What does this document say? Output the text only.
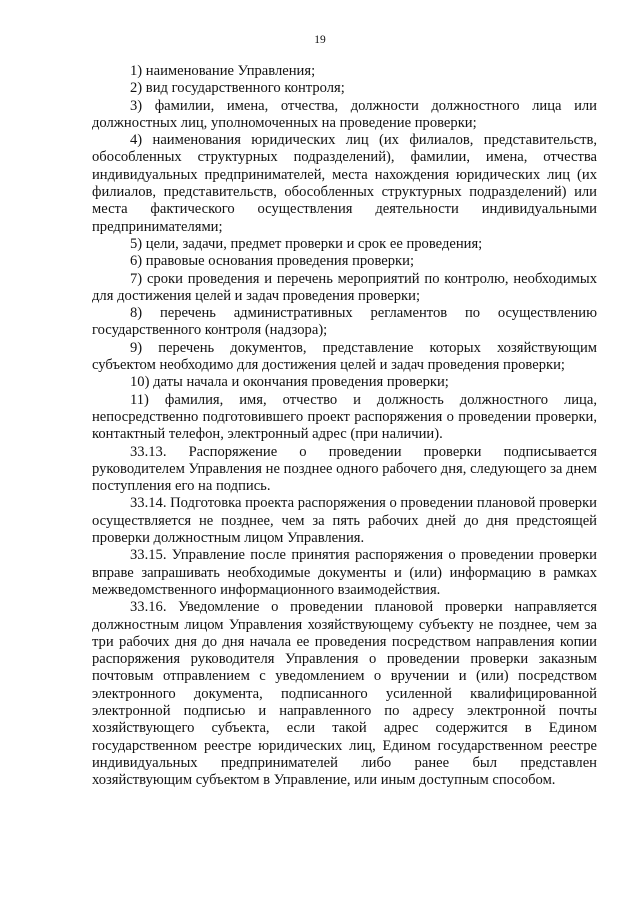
19

1) наименование Управления;

2) вид государственного контроля;

3) фамилии, имена, отчества, должности должностного лица или должностных лиц, уполномоченных на проведение проверки;

4) наименования юридических лиц (их филиалов, представительств, обособленных структурных подразделений), фамилии, имена, отчества индивидуальных предпринимателей, места нахождения юридических лиц (их филиалов, представительств, обособленных структурных подразделений) или места фактического осуществления деятельности индивидуальными предпринимателями;

5) цели, задачи, предмет проверки и срок ее проведения;

6) правовые основания проведения проверки;

7) сроки проведения и перечень мероприятий по контролю, необходимых для достижения целей и задач проведения проверки;

8) перечень административных регламентов по осуществлению государственного контроля (надзора);

9) перечень документов, представление которых хозяйствующим субъектом необходимо для достижения целей и задач проведения проверки;

10) даты начала и окончания проведения проверки;

11) фамилия, имя, отчество и должность должностного лица, непосредственно подготовившего проект распоряжения о проведении проверки, контактный телефон, электронный адрес (при наличии).

33.13. Распоряжение о проведении проверки подписывается руководителем Управления не позднее одного рабочего дня, следующего за днем поступления его на подпись.

33.14. Подготовка проекта распоряжения о проведении плановой проверки осуществляется не позднее, чем за пять рабочих дней до дня предстоящей проверки должностным лицом Управления.

33.15. Управление после принятия распоряжения о проведении проверки вправе запрашивать необходимые документы и (или) информацию в рамках межведомственного информационного взаимодействия.

33.16. Уведомление о проведении плановой проверки направляется должностным лицом Управления хозяйствующему субъекту не позднее, чем за три рабочих дня до дня начала ее проведения посредством направления копии распоряжения руководителя Управления о проведении проверки заказным почтовым отправлением с уведомлением о вручении и (или) посредством электронного документа, подписанного усиленной квалифицированной электронной подписью и направленного по адресу электронной почты хозяйствующего субъекта, если такой адрес содержится в Едином государственном реестре юридических лиц, Едином государственном реестре индивидуальных предпринимателей либо ранее был представлен хозяйствующим субъектом в Управление, или иным доступным способом.
